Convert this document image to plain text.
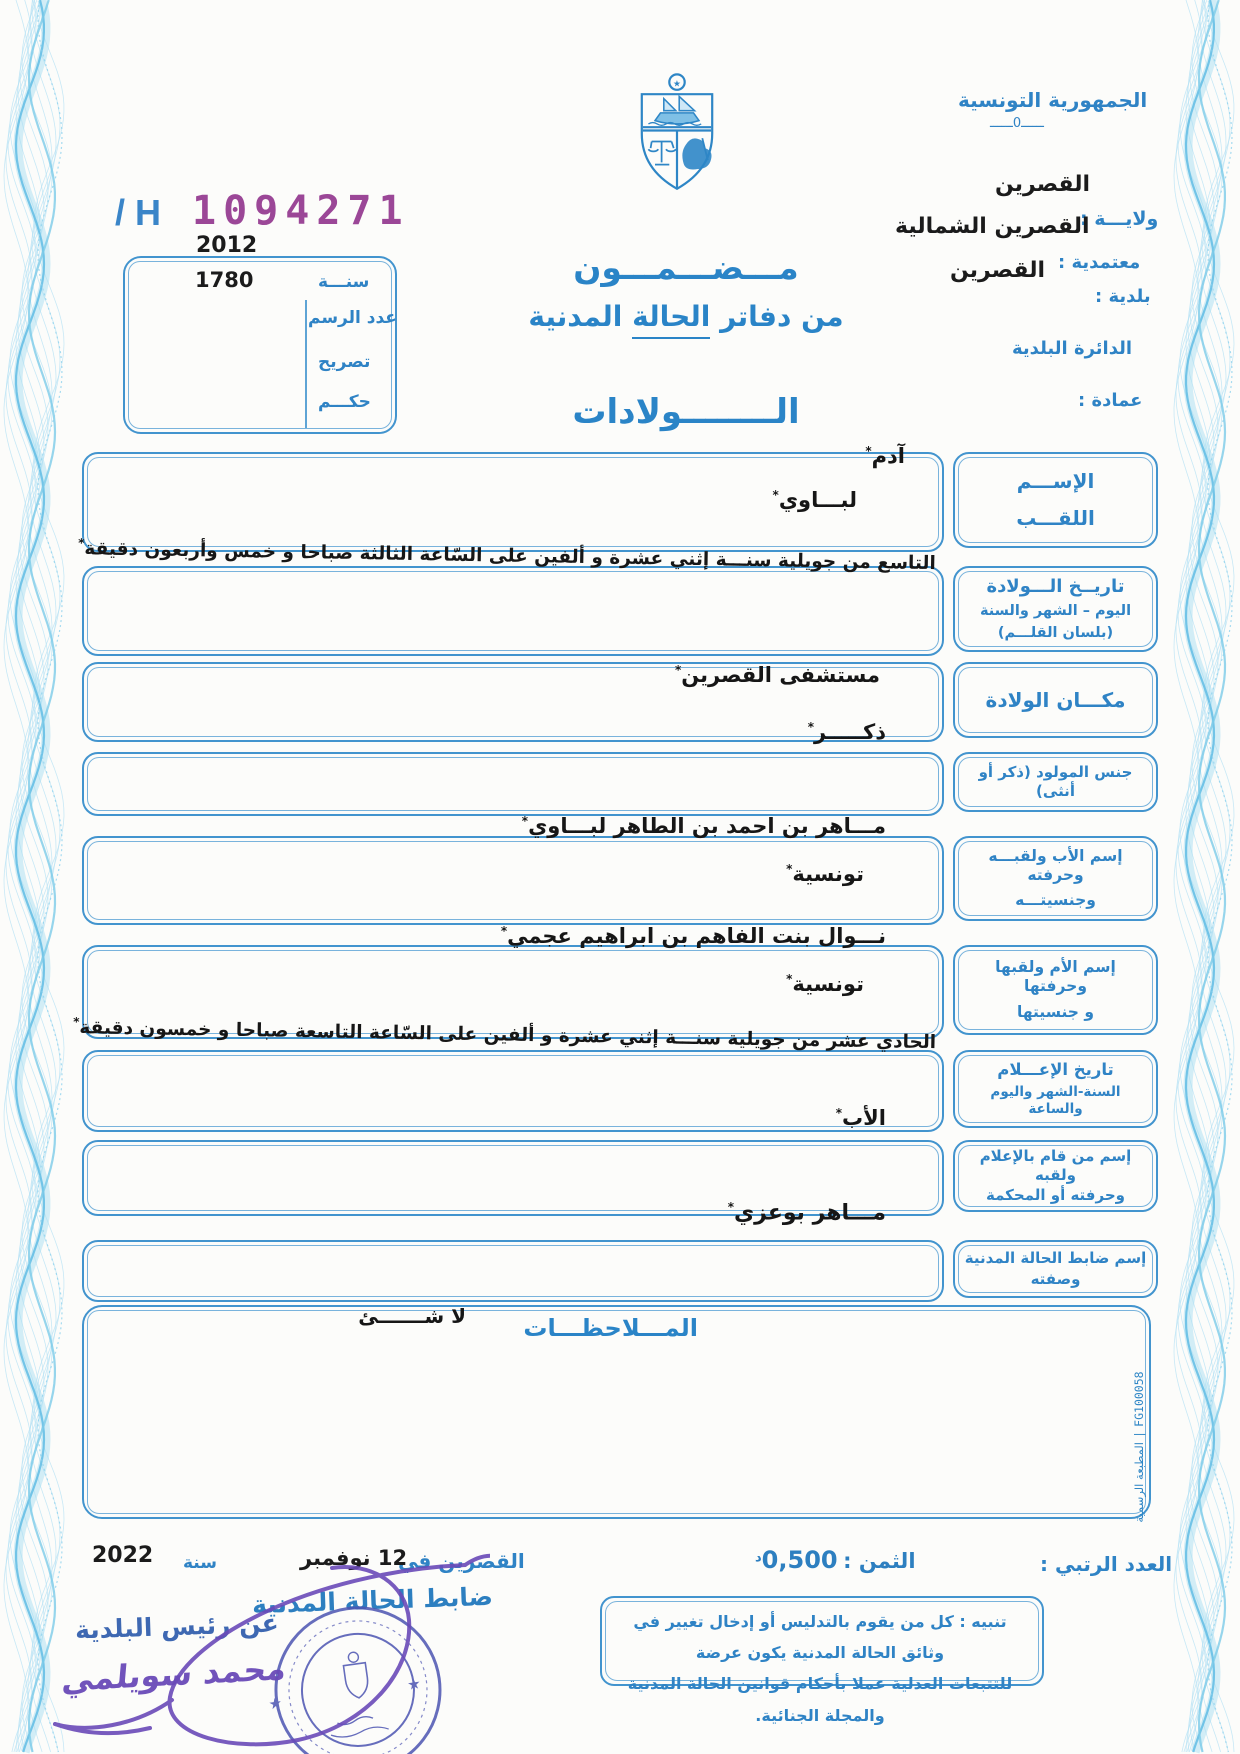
الجمهورية التونسية
ــــــ0ــــــ
H / 1094271
2012
سنـــة
عدد الرسم
تصريح
حكـــم
1780
★
مـــضـــمـــون
من دفاتر الحالة المدنية
الــــــــولادات
القصرين
ولايـــة :
القصرين الشمالية
معتمدية :
القصرين
بلدية :
الدائرة البلدية
عمادة :
الإســـم
اللقـــب
تاريــخ الـــولادة
اليوم – الشهر والسنة
(بلسان القلـــم)
مكـــان الولادة
جنس المولود (ذكر أو أنثى)
إسم الأب ولقبـــه وحرفته
وجنسيتـــه
إسم الأم ولقبها وحرفتها
و جنسيتها
تاريخ الإعـــلام
السنة-الشهر واليوم والساعة
إسم من قام بالإعلام ولقبه
وحرفته أو المحكمة
إسم ضابط الحالة المدنية
وصفته
آدم*
لبـــاوي*
التاسع من جويلية سنـــة إثني عشرة و ألفين على السّاعة الثالثة صباحا و خمس وأربعون دقيقة*
مستشفى القصرين*
ذكـــــر*
مـــاهر بن احمد بن الطاهر لبـــاوي*
تونسية*
نـــوال بنت الفاهم بن ابراهيم عجمي*
تونسية*
الحادي عشر من جويلية سنـــة إثني عشرة و ألفين على السّاعة التاسعة صباحا و خمسون دقيقة*
الأب*
مـــاهر بوعزي*
المـــلاحظـــات
لا شـــــــئ
FG100058 | المطبعة الرسمية
العدد الرتبي :
الثمن : $0,500^د$
القصرين في
12 نوفمبر
سنة
2022
تنبيه : كل من يقوم بالتدليس أو إدخال تغيير في وثائق الحالة المدنية يكون عرضة
للتتبعات العدلية عملا بأحكام قوانين الحالة المدنية والمجلة الجنائية.
ضابط الحالة المدنية
★
★
عن رئيس البلدية
محمد سويلمي
